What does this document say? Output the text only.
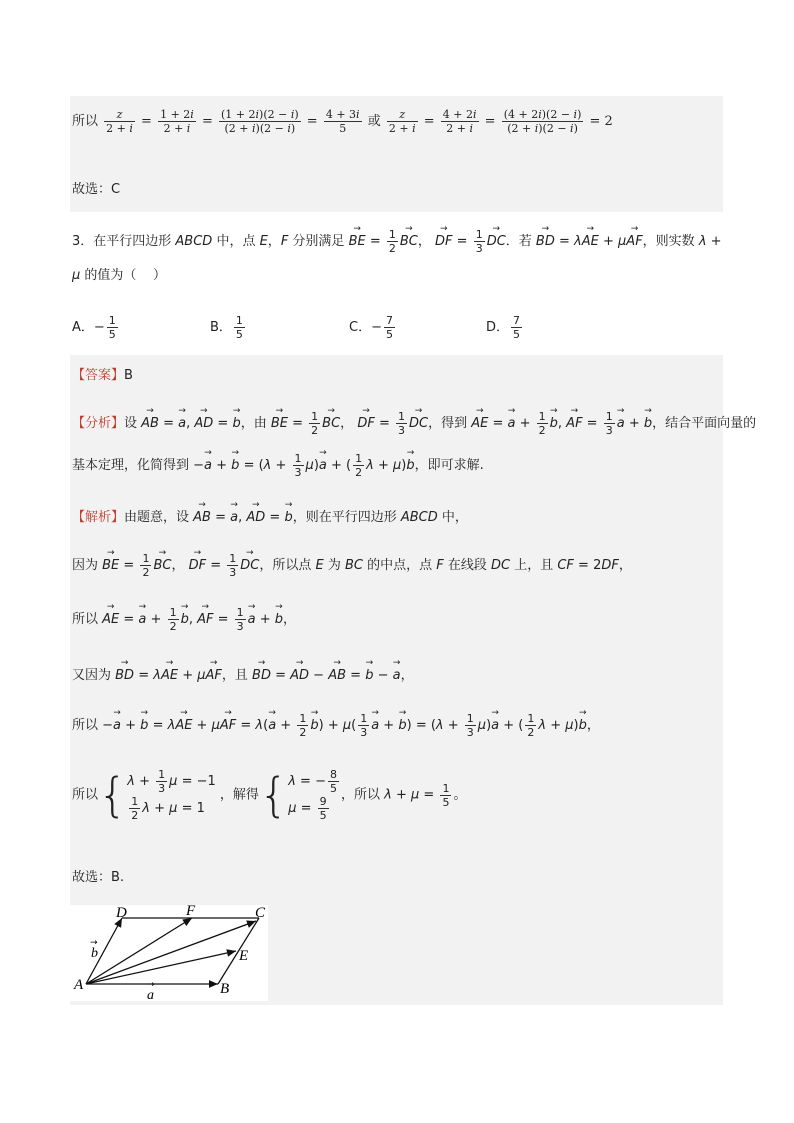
所以 $\frac{z}{2 + i} = \frac{1 + 2i}{2 + i} = \frac{(1 + 2i)(2 - i)}{(2 + i)(2 - i)} = \frac{4 + 3i}{5}$ 或 $\frac{z}{2 + i} = \frac{4 + 2i}{2 + i} = \frac{(4 + 2i)(2 - i)}{(2 + i)(2 - i)} = 2$
故选：C
3．在平行四边形 ABCD 中，点 E，F 分别满足 → BE = $\frac{1}{2}$
→ BC， → DF = $\frac{1}{3}$
→ DC．若 → BD = λ→ AE + μ→ AF，则实数 λ +
μ 的值为（    ）
A．− $\frac{1}{5}$	B． $\frac{1}{5}$	C．− $\frac{7}{5}$	D． $\frac{7}{5}$
【答案】B
【分析】设 → AB = → a, → AD = → b，由 → BE = $\frac{1}{2}$
→ BC， → DF = $\frac{1}{3}$
→ DC，得到 → AE = → $a + \frac{1}{2}$
→ b, → AF = $\frac{1}{3}$
→ a + → b，结合平面向量的
基本定理，化简得到 −→ a + → $b = (\lambda + \frac{1}{3} \mu)\to a$ + ( $\frac{1}{2}$ λ + μ)→ b，即可求解.
【解析】由题意，设 → AB = → a, → AD = → b，则在平行四边形 ABCD 中，
因为 → BE = $\frac{1}{2}$
→ BC， → DF = $\frac{1}{3}$
→ DC，所以点 E 为 BC 的中点，点 F 在线段 DC 上，且 CF = 2DF，
所以 → AE = → $a + \frac{1}{2}$
→ b, → AF = $\frac{1}{3}$
→ a + → b，
又因为 → BD = λ→ AE + μ→ AF，且 → BD = → AD − → AB = → b − → a，
所以 −→ a + → b = λ→ AE + μ→ AF = $\lambda(\to a + \frac{1}{2}$
→ $b) + \mu( \frac{1}{3}$
→ a + → $b) = (\lambda + \frac{1}{3} \mu)\to a$ + ( $\frac{1}{2}$ λ + μ)→ b，
所以{ $\lambda + \frac{1}{3}$ μ = −1
$\frac{1}{2}$ λ + μ = 1
，解得{ λ = − $\frac{8}{5}$
$\mu = \frac{9}{5}$ ，所以 $\lambda + \mu = \frac{1}{5}$ 。
故选：B.
A	B
C
D
E
F
a
→
b
→
